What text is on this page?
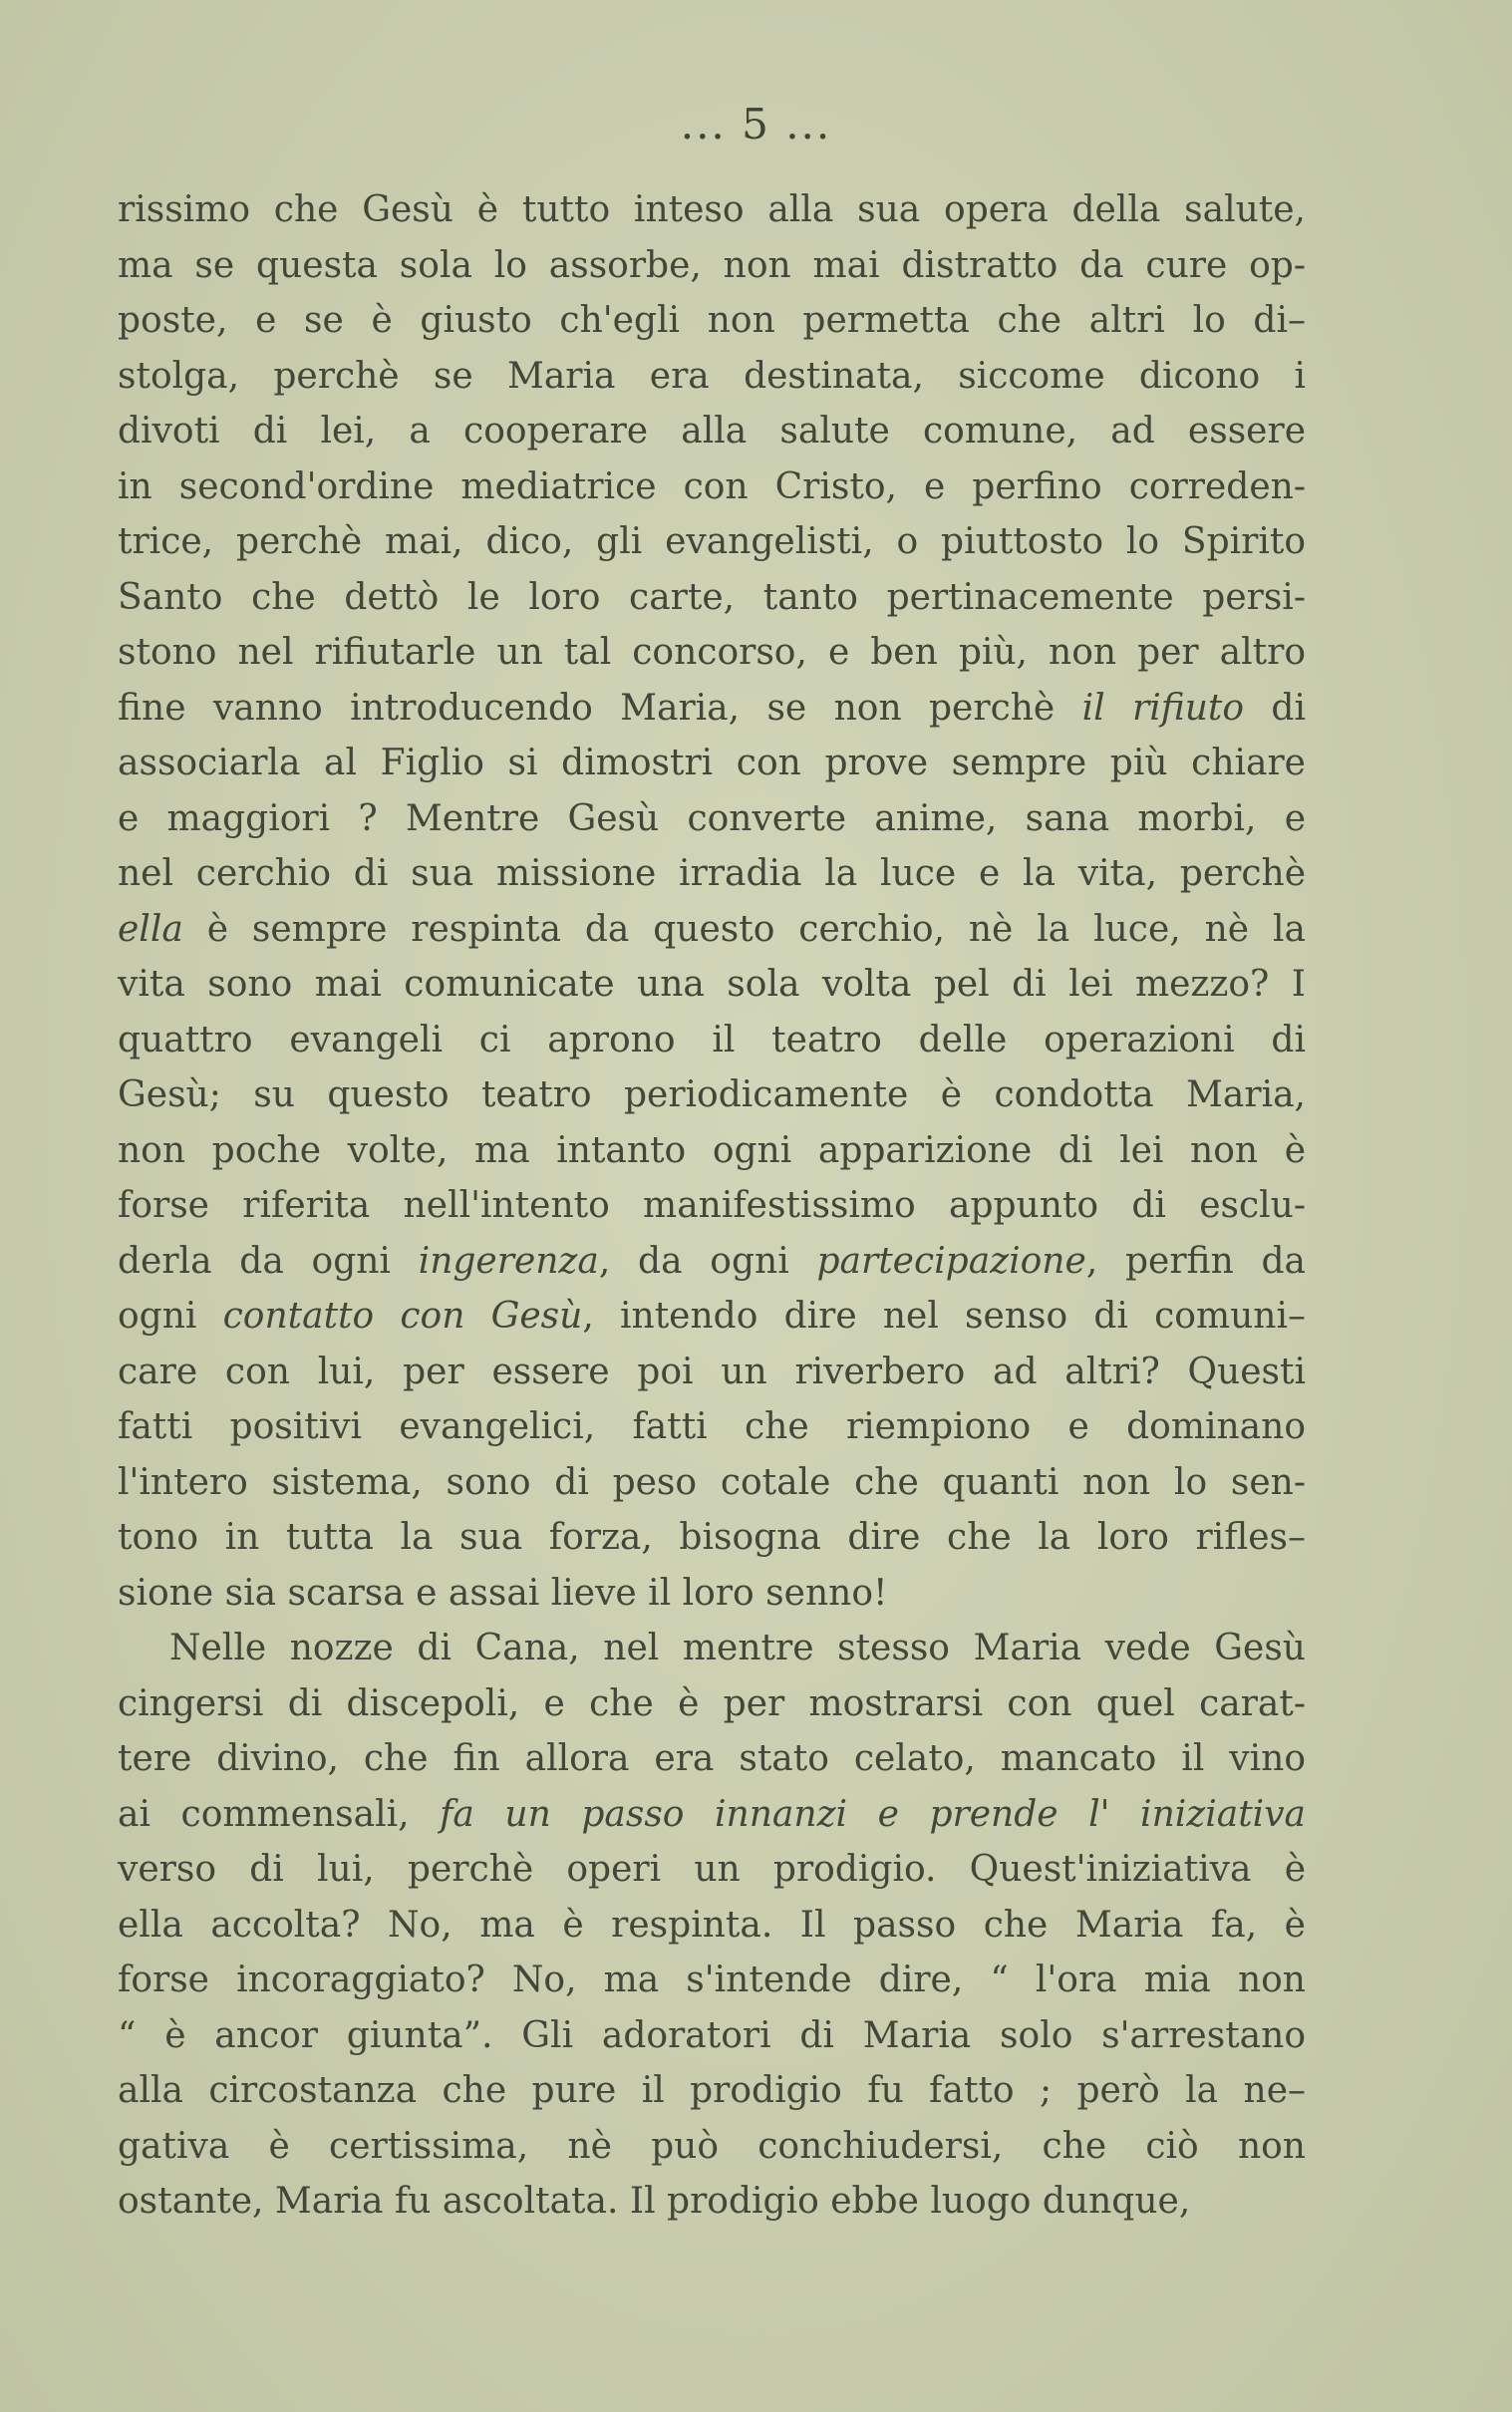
... 5 ...
rissimo che Gesù è tutto inteso alla sua opera della salute,
ma se questa sola lo assorbe, non mai distratto da cure op-
poste, e se è giusto ch'egli non permetta che altri lo di–
stolga, perchè se Maria era destinata, siccome dicono i
divoti di lei, a cooperare alla salute comune, ad essere
in second'ordine mediatrice con Cristo, e perfino correden-
trice, perchè mai, dico, gli evangelisti, o piuttosto lo Spirito
Santo che dettò le loro carte, tanto pertinacemente persi-
stono nel rifiutarle un tal concorso, e ben più, non per altro
fine vanno introducendo Maria, se non perchè il rifiuto di
associarla al Figlio si dimostri con prove sempre più chiare
e maggiori ? Mentre Gesù converte anime, sana morbi, e
nel cerchio di sua missione irradia la luce e la vita, perchè
ella è sempre respinta da questo cerchio, nè la luce, nè la
vita sono mai comunicate una sola volta pel di lei mezzo? I
quattro evangeli ci aprono il teatro delle operazioni di
Gesù; su questo teatro periodicamente è condotta Maria,
non poche volte, ma intanto ogni apparizione di lei non è
forse riferita nell'intento manifestissimo appunto di esclu-
derla da ogni ingerenza, da ogni partecipazione, perfin da
ogni contatto con Gesù, intendo dire nel senso di comuni–
care con lui, per essere poi un riverbero ad altri? Questi
fatti positivi evangelici, fatti che riempiono e dominano
l'intero sistema, sono di peso cotale che quanti non lo sen-
tono in tutta la sua forza, bisogna dire che la loro rifles–
sione sia scarsa e assai lieve il loro senno!
Nelle nozze di Cana, nel mentre stesso Maria vede Gesù
cingersi di discepoli, e che è per mostrarsi con quel carat-
tere divino, che fin allora era stato celato, mancato il vino
ai commensali, fa un passo innanzi e prende l' iniziativa
verso di lui, perchè operi un prodigio. Quest'iniziativa è
ella accolta? No, ma è respinta. Il passo che Maria fa, è
forse incoraggiato? No, ma s'intende dire, “ l'ora mia non
“ è ancor giunta”. Gli adoratori di Maria solo s'arrestano
alla circostanza che pure il prodigio fu fatto ; però la ne–
gativa è certissima, nè può conchiudersi, che ciò non
ostante, Maria fu ascoltata. Il prodigio ebbe luogo dunque,
